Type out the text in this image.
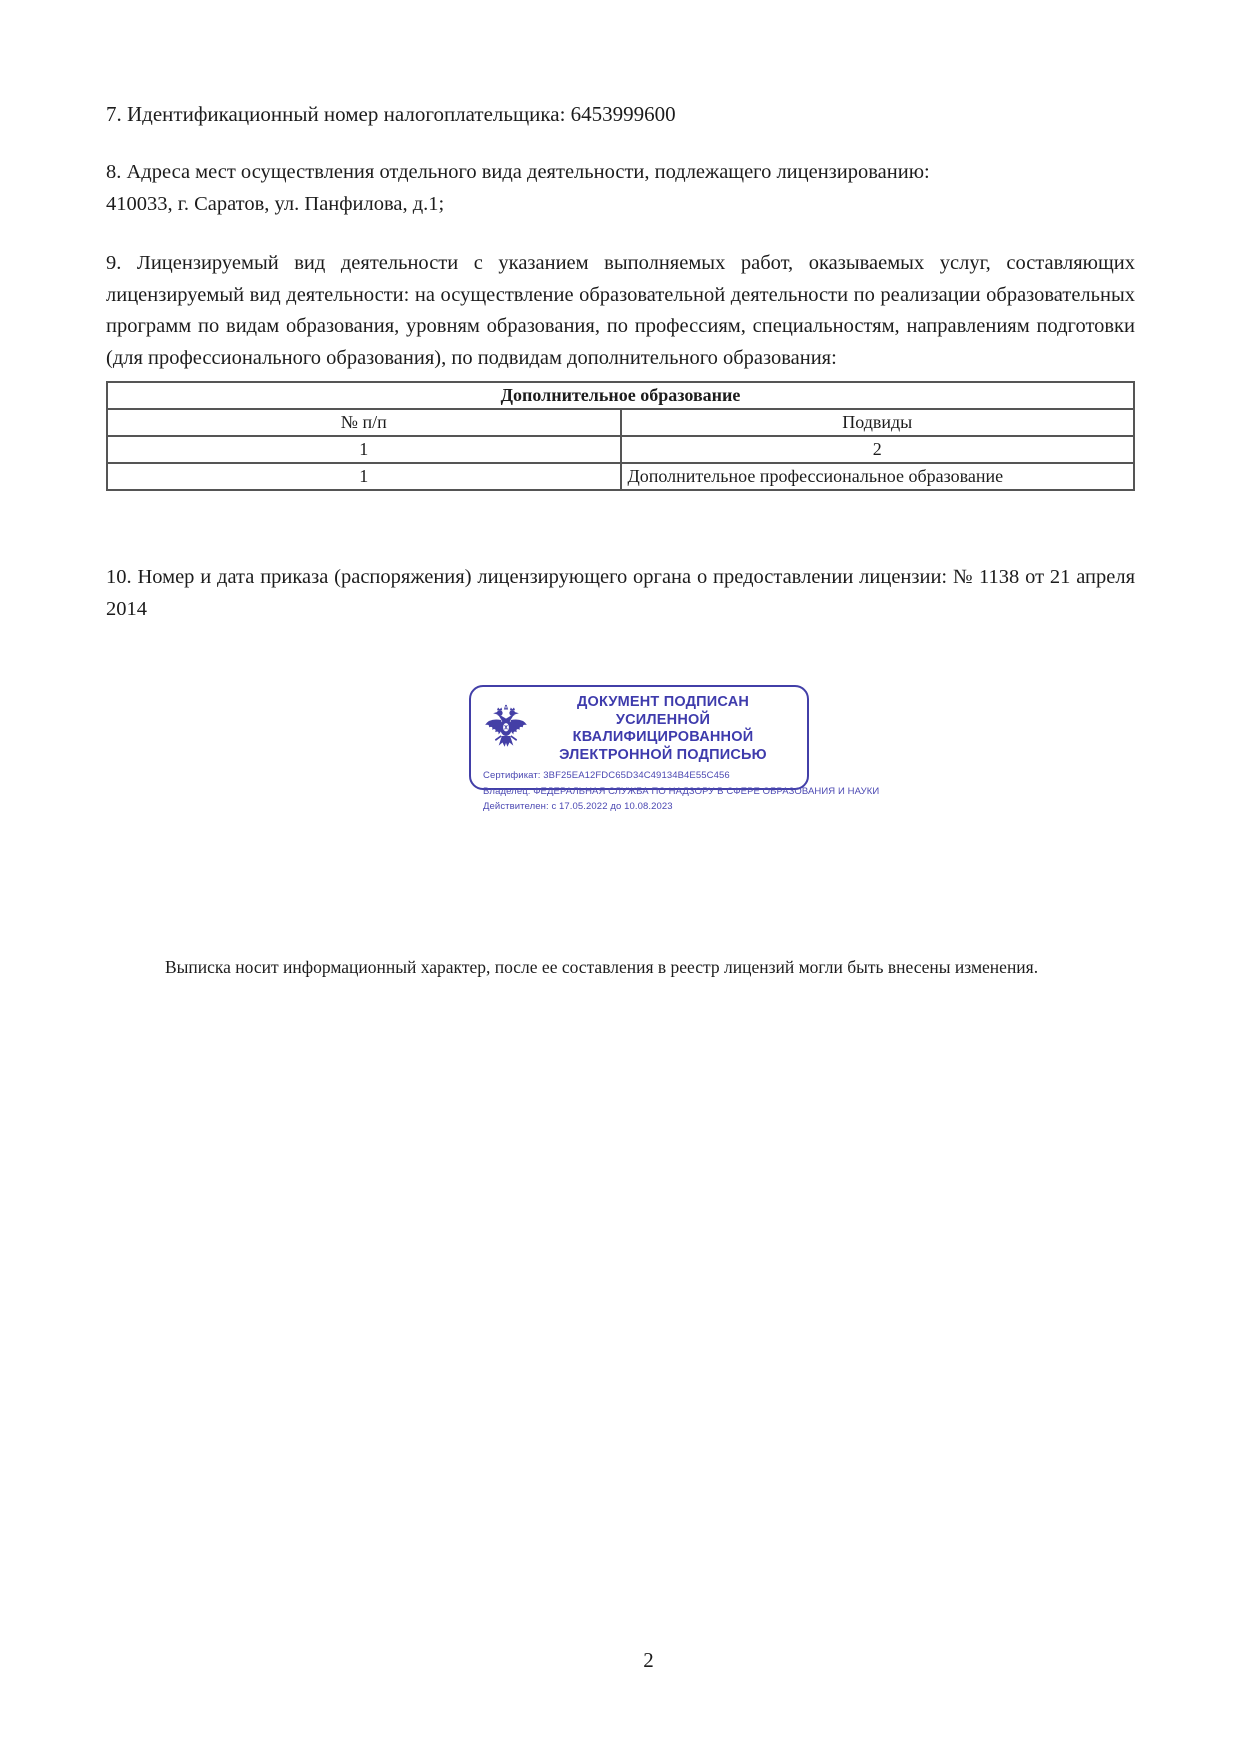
7. Идентификационный номер налогоплательщика: 6453999600

8. Адреса мест осуществления отдельного вида деятельности, подлежащего лицензированию:
410033, г. Саратов, ул. Панфилова, д.1;

9. Лицензируемый вид деятельности с указанием выполняемых работ, оказываемых услуг, составляющих лицензируемый вид деятельности: на осуществление образовательной деятельности по реализации образовательных программ по видам образования, уровням образования, по профессиям, специальностям, направлениям подготовки (для профессионального образования), по подвидам дополнительного образования:

Дополнительное образование	
№ п/п	Подвиды
1	2
1	Дополнительное профессиональное образование

10. Номер и дата приказа (распоряжения) лицензирующего органа о предоставлении лицензии: № 1138 от 21 апреля 2014

ДОКУМЕНТ ПОДПИСАН
УСИЛЕННОЙ КВАЛИФИЦИРОВАННОЙ
ЭЛЕКТРОННОЙ ПОДПИСЬЮ
Сертификат: 3BF25EA12FDC65D34C49134B4E55C456
Владелец: ФЕДЕРАЛЬНАЯ СЛУЖБА ПО НАДЗОРУ В СФЕРЕ ОБРАЗОВАНИЯ И НАУКИ
Действителен: с 17.05.2022 до 10.08.2023

Выписка носит информационный характер, после ее составления в реестр лицензий могли быть внесены изменения.

2
